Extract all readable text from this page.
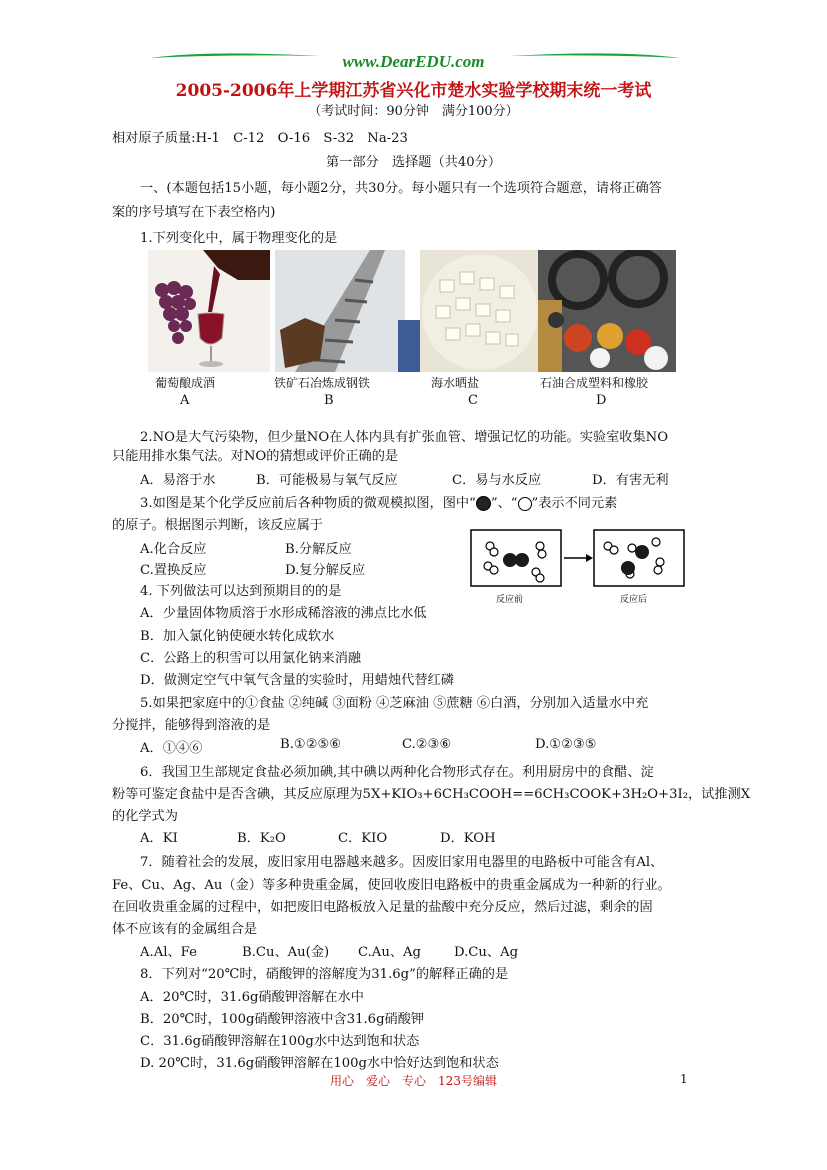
www.DearEDU.com
2005-2006年上学期江苏省兴化市楚水实验学校期末统一考试
（考试时间：90分钟　满分100分）
相对原子质量:H-1　C-12　O-16　S-32　Na-23
第一部分　选择题（共40分）
一、(本题包括15小题，每小题2分，共30分。每小题只有一个选项符合题意，请将正确答
案的序号填写在下表空格内)
1.下列变化中，属于物理变化的是
葡萄酿成酒	铁矿石冶炼成钢铁	海水晒盐	石油合成塑料和橡胶
A	B	C	D
2.NO是大气污染物，但少量NO在人体内具有扩张血管、增强记忆的功能。实验室收集NO
只能用排水集气法。对NO的猜想或评价正确的是
A．易溶于水	B．可能极易与氧气反应	C．易与水反应	D．有害无利
3.如图是某个化学反应前后各种物质的微观模拟图，图中“ ”、“ ”表示不同元素
的原子。根据图示判断，该反应属于
A.化合反应	B.分解反应
C.置换反应	D.复分解反应
反应前	反应后
4. 下列做法可以达到预期目的的是
A．少量固体物质溶于水形成稀溶液的沸点比水低
B．加入氯化钠使硬水转化成软水
C．公路上的积雪可以用氯化钠来消融
D．做测定空气中氧气含量的实验时，用蜡烛代替红磷
5.如果把家庭中的①食盐 ②纯碱 ③面粉 ④芝麻油 ⑤蔗糖 ⑥白酒，分别加入适量水中充
分搅拌，能够得到溶液的是
A．①④⑥	B.①②⑤⑥	C.②③⑥	D.①②③⑤
6．我国卫生部规定食盐必须加碘,其中碘以两种化合物形式存在。利用厨房中的食醋、淀
粉等可鉴定食盐中是否含碘，其反应原理为5X+KIO₃+6CH₃COOH==6CH₃COOK+3H₂O+3I₂，试推测X
的化学式为
A．KI	B．K₂O	C．KIO	D．KOH
7．随着社会的发展，废旧家用电器越来越多。因废旧家用电器里的电路板中可能含有Al、
Fe、Cu、Ag、Au（金）等多种贵重金属，使回收废旧电路板中的贵重金属成为一种新的行业。
在回收贵重金属的过程中，如把废旧电路板放入足量的盐酸中充分反应，然后过滤，剩余的固
体不应该有的金属组合是
A.Al、Fe	B.Cu、Au(金) C.Au、Ag	D.Cu、Ag
8．下列对“20℃时，硝酸钾的溶解度为31.6g”的解释正确的是
A．20℃时，31.6g硝酸钾溶解在水中
B．20℃时，100g硝酸钾溶液中含31.6g硝酸钾
C．31.6g硝酸钾溶解在100g水中达到饱和状态
D. 20℃时，31.6g硝酸钾溶解在100g水中恰好达到饱和状态
用心　爱心　专心　123号编辑	1
